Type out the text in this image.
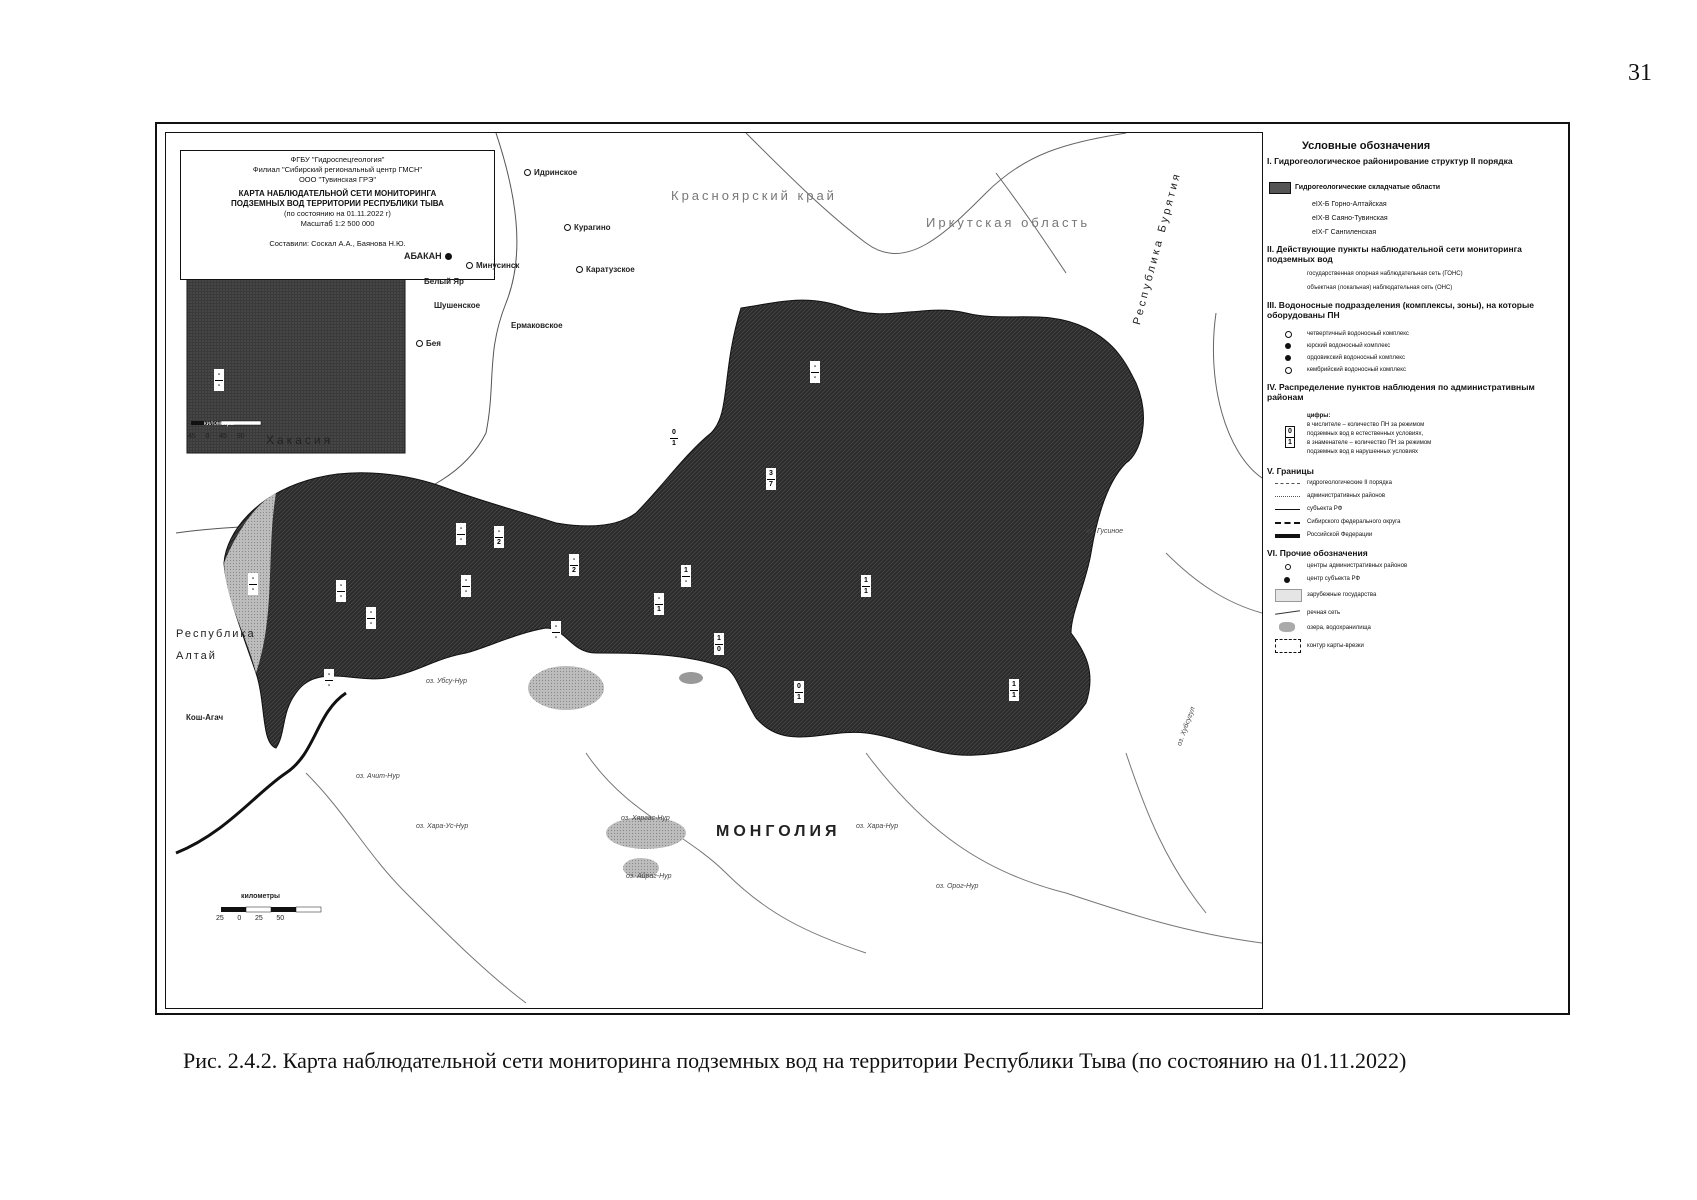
31
ФГБУ "Гидроспецгеология"
Филиал "Сибирский региональный центр ГМСН"
ООО "Тувинская ГРЭ"
КАРТА НАБЛЮДАТЕЛЬНОЙ СЕТИ МОНИТОРИНГА
ПОДЗЕМНЫХ ВОД ТЕРРИТОРИИ РЕСПУБЛИКИ ТЫВА
(по состоянию на 01.11.2022 г)
Масштаб 1:2 500 000
Составили: Соскал А.А., Баянова Н.Ю.
километры
45 0 45 90
Идринское
Курагино
Минусинск	Каратузское
АБАКАН
Белый Яр
Шушенское
Ермаковское
Бея
Кош-Агач
Красноярский край
Иркутская область
Хакасия
Республика Алтай
Республика Бурятия
МОНГОЛИЯ
оз. Убсу-Нур
оз. Ачит-Нур
оз. Хара-Ус-Нур
оз. Хяргас-Нур
оз. Хара-Нур
оз. Айраг-Нур
оз. Орог-Нур
оз. Хубсугул
оз. Гусиное
километры
25 0 25 50
-
-
$\frac{0}{1}$
$\frac{3}{7}$
-
-
-
2
-
-
-
-
-
-
-
2	1
-
-
1
-
-
-
-
$\frac{1}{0}$
$\frac{1}{1}$
-
-
$\frac{0}{1}$
-
-	$\frac{1}{1}$
Условные обозначения
I. Гидрогеологическое районирование структур II порядка
Гидрогеологические складчатые области
eIX-Б Горно-Алтайская
eIX-В Саяно-Тувинская
eIX-Г Сангиленская
II. Действующие пункты наблюдательной сети мониторинга подземных вод
государственная опорная наблюдательная сеть (ГОНС)
объектная (локальная) наблюдательная сеть (ОНС)
III. Водоносные подразделения (комплексы, зоны), на которые оборудованы ПН
четвертичный водоносный комплекс
юрский водоносный комплекс
ордовикский водоносный комплекс
кембрийский водоносный комплекс
IV. Распределение пунктов наблюдения по административным районам
$\frac{0}{1}$
цифры:
в числителе – количество ПН за режимом
подземных вод в естественных условиях,
в знаменателе – количество ПН за режимом
подземных вод в нарушенных условиях
V. Границы
гидрогеологические II порядка
административных районов
субъекта РФ
Сибирского федерального округа
Российской Федерации
VI. Прочие обозначения
центры административных районов
центр субъекта РФ
зарубежные государства
речная сеть
озера, водохранилища
контур карты-врезки
Рис. 2.4.2. Карта наблюдательной сети мониторинга подземных вод на территории Республики Тыва (по состоянию на 01.11.2022)
